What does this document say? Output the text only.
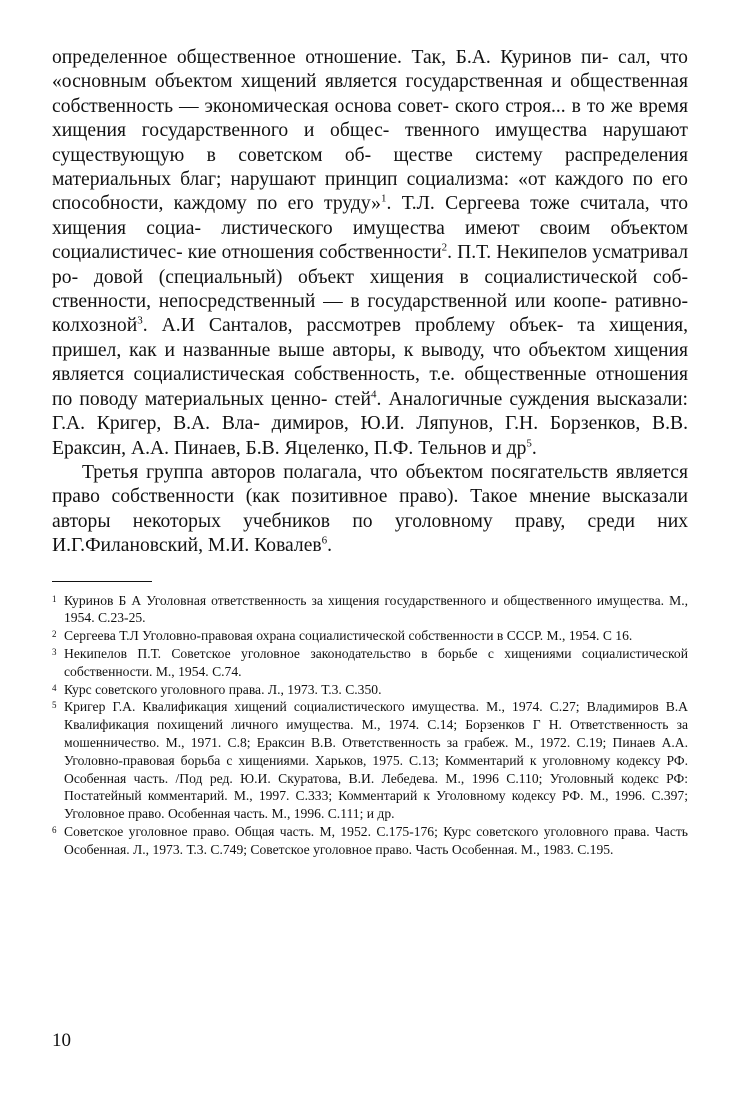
определенное общественное отношение. Так, Б.А. Куринов пи- сал, что «основным объектом хищений является государственная и общественная собственность — экономическая основа совет- ского строя... в то же время хищения государственного и общес- твенного имущества нарушают существующую в советском об- ществе систему распределения материальных благ; нарушают принцип социализма: «от каждого по его способности, каждому по его труду»$^1$. Т.Л. Сергеева тоже считала, что хищения социа- листического имущества имеют своим объектом социалистичес- кие отношения собственности$^2$. П.Т. Некипелов усматривал ро- довой (специальный) объект хищения в социалистической соб- ственности, непосредственный — в государственной или коопе- ративно-колхозной$^3$. А.И Санталов, рассмотрев проблему объек- та хищения, пришел, как и названные выше авторы, к выводу, что объектом хищения является социалистическая собственность, т.е. общественные отношения по поводу материальных ценно- стей$^4$. Аналогичные суждения высказали: Г.А. Кригер, В.А. Вла- димиров, Ю.И. Ляпунов, Г.Н. Борзенков, В.В. Ераксин, А.А. Пинаев, Б.В. Яцеленко, П.Ф. Тельнов и $др^5$.

Третья группа авторов полагала, что объектом посягательств является право собственности (как позитивное право). Такое мнение высказали авторы некоторых учебников по уголовному праву, среди них И.Г.Филановский, М.И. Ковалев$^6$.

1 Куринов Б А Уголовная ответственность за хищения государственного и общественного имущества. М., 1954. С.23-25.
2 Сергеева Т.Л Уголовно-правовая охрана социалистической собственности в СССР. М., 1954. С 16.
3 Некипелов П.Т. Советское уголовное законодательство в борьбе с хищениями социалистической собственности. М., 1954. С.74.
4 Курс советского уголовного права. Л., 1973. Т.3. С.350.
5 Кригер Г.А. Квалификация хищений социалистического имущества. М., 1974. С.27; Владимиров В.А Квалификация похищений личного имущества. М., 1974. С.14; Борзенков Г Н. Ответственность за мошенничество. М., 1971. С.8; Ераксин В.В. Ответственность за грабеж. М., 1972. С.19; Пинаев А.А. Уголовно-правовая борьба с хищениями. Харьков, 1975. С.13; Комментарий к уголовному кодексу РФ. Особенная часть. /Под ред. Ю.И. Скуратова, В.И. Лебедева. М., 1996 С.110; Уголовный кодекс РФ: Постатейный комментарий. М., 1997. С.333; Комментарий к Уголовному кодексу РФ. М., 1996. С.397; Уголовное право. Особенная часть. М., 1996. С.111; и др.
6 Советское уголовное право. Общая часть. М, 1952. С.175-176; Курс советского уголовного права. Часть Особенная. Л., 1973. Т.3. С.749; Советское уголовное право. Часть Особенная. М., 1983. С.195.
10
